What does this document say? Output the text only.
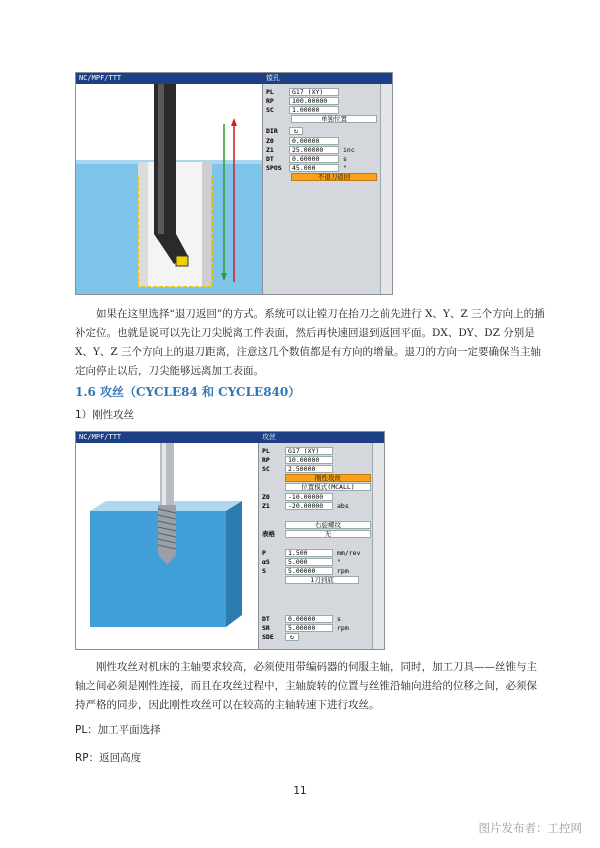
NC/MPF/TTT	镗孔
PL	G17 (XY)
RP	100.00000
SC	1.00000
单独位置
DIR	↻
Z0	0.00000
Z1	25.00000	inc
DT	0.60000	s
SPOS	45.000	°
不退刀返回
如果在这里选择“退刀返回”的方式。系统可以让镗刀在抬刀之前先进行 X、Y、Z 三个方向上的插补定位。也就是说可以先让刀尖脱离工件表面，然后再快速回退到返回平面。DX、DY、DZ 分别是 X、Y、Z 三个方向上的退刀距离，注意这几个数值都是有方向的增量。退刀的方向一定要确保当主轴定向停止以后，刀尖能够远离加工表面。
1.6 攻丝（CYCLE84 和 CYCLE840）
1）刚性攻丝
NC/MPF/TTT	攻丝
PL	G17 (XY)
RP	10.00000
SC	2.50000
刚性攻丝
位置模式(MCALL)
Z0	-10.00000
Z1	-20.00000	abs
右旋螺纹
表格	无
P	1.500	mm/rev
αS	5.000	°
S	5.00000	rpm
1刀到底
DT	0.00000	s
SR	5.00000	rpm
SDE	↻
刚性攻丝对机床的主轴要求较高，必须使用带编码器的伺服主轴，同时，加工刀具——丝锥与主轴之间必须是刚性连接，而且在攻丝过程中，主轴旋转的位置与丝锥沿轴向进给的位移之间，必须保持严格的同步，因此刚性攻丝可以在较高的主轴转速下进行攻丝。
PL：加工平面选择
RP：返回高度
11
图片发布者：工控网
